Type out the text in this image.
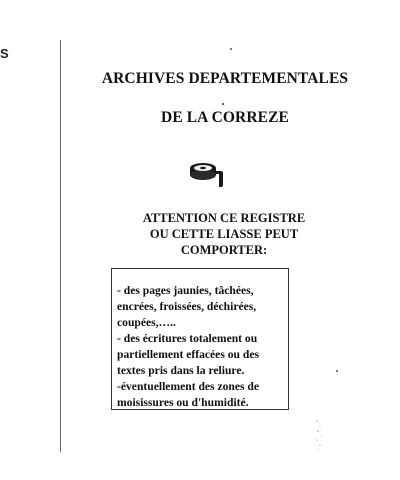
S
ARCHIVES DEPARTEMENTALES
DE LA CORREZE

ATTENTION CE REGISTRE

OU CETTE LIASSE PEUT

COMPORTER:

- des pages jaunies, tâchées,
encrées, froissées, déchirées,
coupées,…..
- des écritures totalement ou
partiellement effacées ou des
textes pris dans la reliure.
-éventuellement des zones de
moisissures ou d'humidité.
